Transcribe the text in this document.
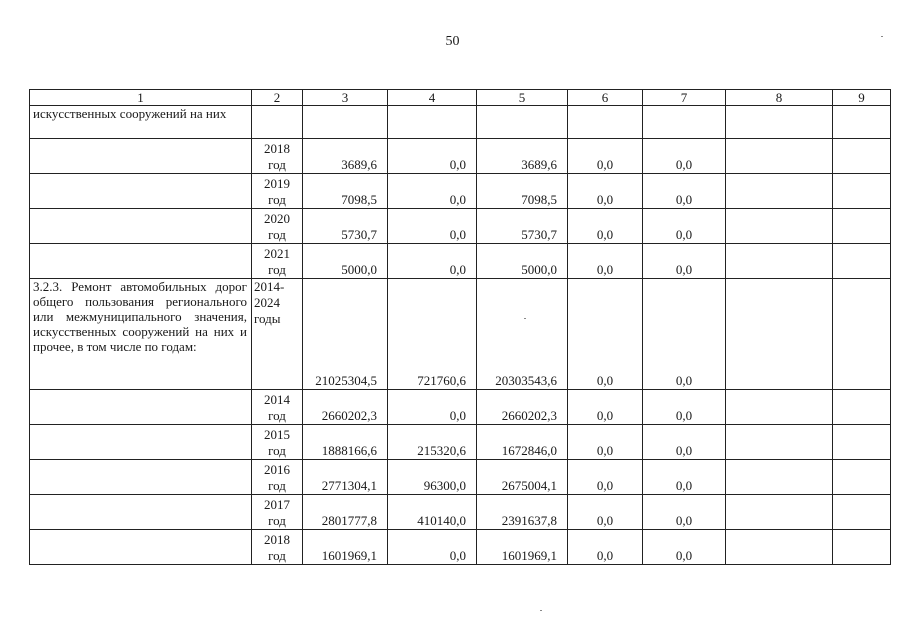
50
1	2	3	4	5	6	7	8	9
искусственных сооружений на них								
	2018 год	3689,6	0,0	3689,6	0,0	0,0		
	2019 год	7098,5	0,0	7098,5	0,0	0,0		
	2020 год	5730,7	0,0	5730,7	0,0	0,0		
	2021 год	5000,0	0,0	5000,0	0,0	0,0		
3.2.3. Ремонт автомобильных дорог общего пользования регионального или межмуниципального значения, искусственных сооружений на них и прочее, в том числе по годам:	2014-2024 годы	21025304,5	721760,6	20303543,6	0,0	0,0		
	2014 год	2660202,3	0,0	2660202,3	0,0	0,0		
	2015 год	1888166,6	215320,6	1672846,0	0,0	0,0		
	2016 год	2771304,1	96300,0	2675004,1	0,0	0,0		
	2017 год	2801777,8	410140,0	2391637,8	0,0	0,0		
	2018 год	1601969,1	0,0	1601969,1	0,0	0,0		
